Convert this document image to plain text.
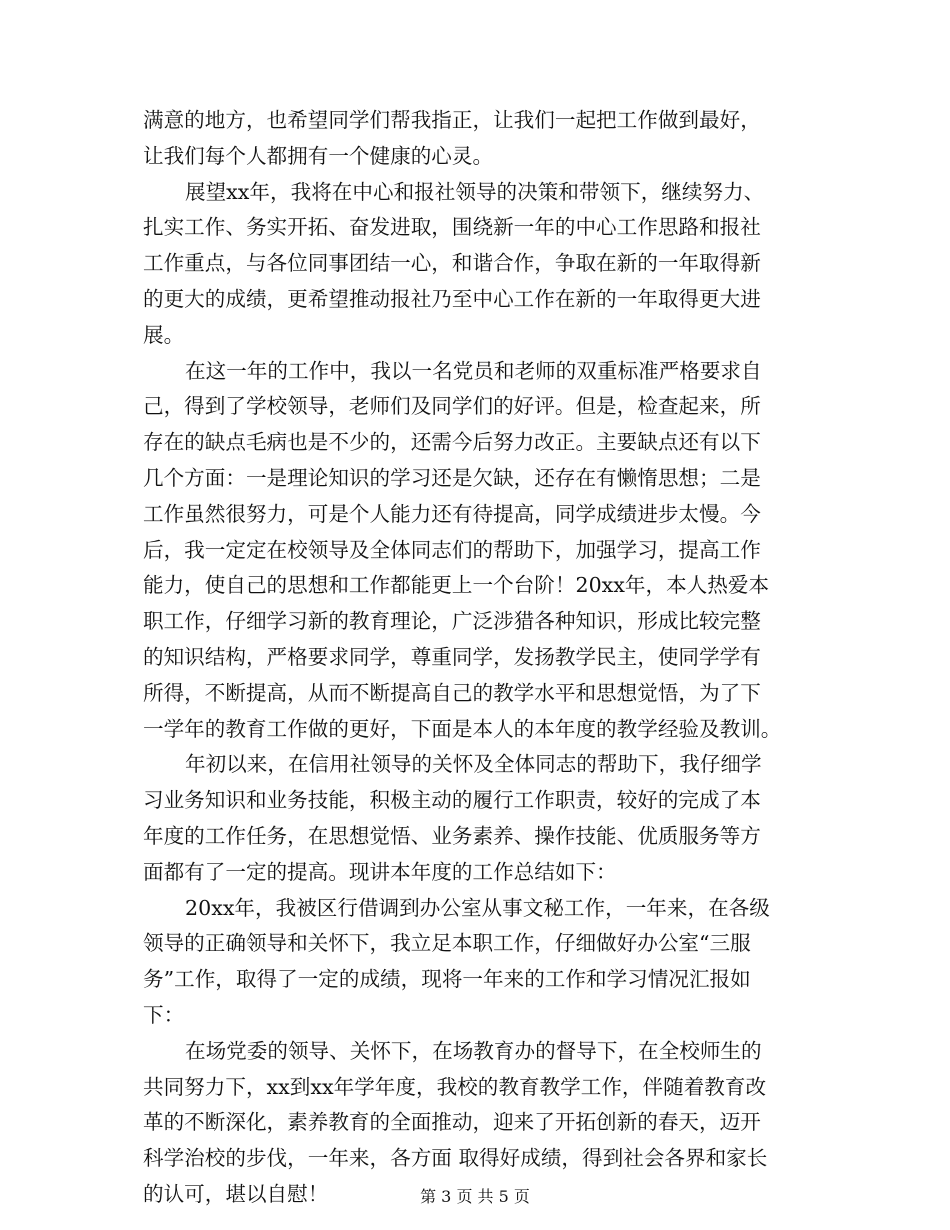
满意的地方，也希望同学们帮我指正，让我们一起把工作做到最好，
让我们每个人都拥有一个健康的心灵。
展望xx年，我将在中心和报社领导的决策和带领下，继续努力、
扎实工作、务实开拓、奋发进取，围绕新一年的中心工作思路和报社
工作重点，与各位同事团结一心，和谐合作，争取在新的一年取得新
的更大的成绩，更希望推动报社乃至中心工作在新的一年取得更大进
展。
在这一年的工作中，我以一名党员和老师的双重标准严格要求自
己，得到了学校领导，老师们及同学们的好评。但是，检查起来，所
存在的缺点毛病也是不少的，还需今后努力改正。主要缺点还有以下
几个方面：一是理论知识的学习还是欠缺，还存在有懒惰思想；二是
工作虽然很努力，可是个人能力还有待提高，同学成绩进步太慢。今
后，我一定定在校领导及全体同志们的帮助下，加强学习，提高工作
能力，使自己的思想和工作都能更上一个台阶！20xx年，本人热爱本
职工作，仔细学习新的教育理论，广泛涉猎各种知识，形成比较完整
的知识结构，严格要求同学，尊重同学，发扬教学民主，使同学学有
所得，不断提高，从而不断提高自己的教学水平和思想觉悟，为了下
一学年的教育工作做的更好，下面是本人的本年度的教学经验及教训。
年初以来，在信用社领导的关怀及全体同志的帮助下，我仔细学
习业务知识和业务技能，积极主动的履行工作职责，较好的完成了本
年度的工作任务，在思想觉悟、业务素养、操作技能、优质服务等方
面都有了一定的提高。现讲本年度的工作总结如下：
20xx年，我被区行借调到办公室从事文秘工作，一年来，在各级
领导的正确领导和关怀下，我立足本职工作，仔细做好办公室“三服
务”工作，取得了一定的成绩，现将一年来的工作和学习情况汇报如
下：
在场党委的领导、关怀下，在场教育办的督导下，在全校师生的
共同努力下，xx到xx年学年度，我校的教育教学工作，伴随着教育改
革的不断深化，素养教育的全面推动，迎来了开拓创新的春天，迈开
科学治校的步伐，一年来，各方面 取得好成绩，得到社会各界和家长
的认可，堪以自慰！	第 3 页 共 5 页
